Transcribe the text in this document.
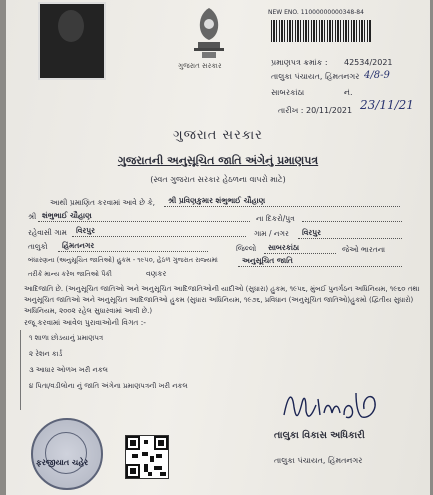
ગુજરાત સરકાર
NEW ENO. 11000000000348-84
પ્રમાણપત્ર ક્રમાંક : 42534/2021
તાલુકા પંચાયત, હિંમતનગર 4/8-9
સાબરકાંઠા	નં.
તારીખ : 20/11/2021 23/11/21
ગુજરાત સરકાર
ગુજરાતની અનુસૂચિત જાતિ અંગેનું પ્રમાણપત્ર
(સ્વત ગુજરાત સરકાર હેઠળના વાપરો માટે)
આથી પ્રમાણિત કરવામાં આવે છે કે, શ્રી પ્રવિણકુમાર શંભુભાઈ ચૌહાણ
શ્રી શંભુભાઈ ચૌહાણ	ના દિકરો/પુત્ર
રહેવાસી ગામ વિરપુર	ગામ / નગર વિરપુર
તાલુકો હિંમતનગર	જિલ્લો સાબરકાંઠા	જેઓ ભારતના
બંધારણના (અનુસૂચિત જાતિઓ) હુકમ - ૧૯૫૦, હેઠળ ગુજરાત રાજ્યમાં	અનુસૂચિત જાતિ
તરીકે માન્ય કરેલ જાતિઓ પૈકી	વણકર
આદિજાતિ છે. (અનુસૂચિત જાતિઓ અને અનુસૂચિત આદિજાતિઓની યાદીઓ (સુધારા) હુકમ, ૧૯૫૬, મુંબઈ પુનર્ગઠન અધિનિયમ, ૧૯૬૦ તથા અનુસૂચિત જાતિઓ અને અનુસૂચિત આદિજાતિઓ હુકમ (સુધારા અધિનિયમ, ૧૯૭૬, પ્રવિધાન (અનુસૂચિત જાતિઓ)હુકમો (દ્વિતીય સુધારો) અધિનિયમ, ૨૦૦૨ રહેલ સુધારવામાં આવી છે.)
રજૂ કરવામાં આવેલ પુરાવાઓની વિગત :-
૧ શાળા છોડયાનું પ્રમાણપત્ર
૨ રેશન કાર્ડ
૩ આધાર ઓળખ ખરી નકલ
૪ પિતા/વડીલોના નું જાતિ અંગેના પ્રમાણપત્રની ખરી નકલ
ફરજીયાત ચહેર
તાલુકા વિકાસ અધિકારી
તાલુકા પંચાયત, હિંમતનગર
